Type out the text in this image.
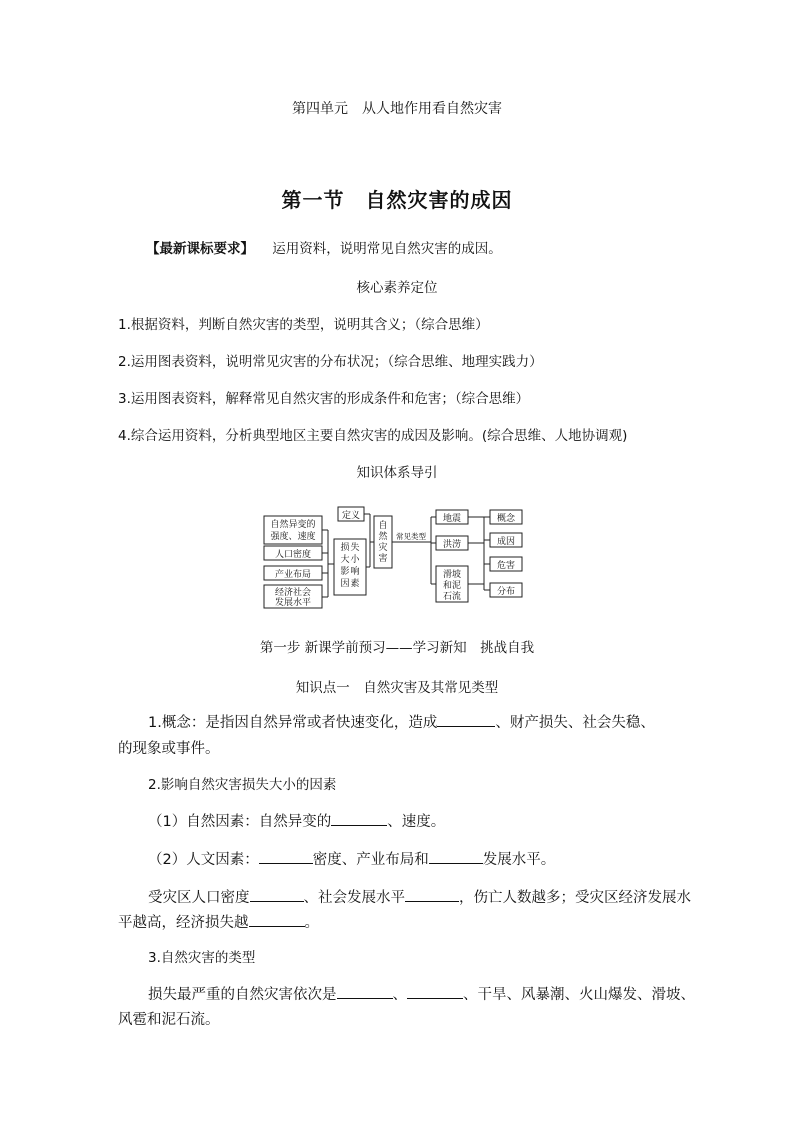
第四单元　从人地作用看自然灾害
第一节　自然灾害的成因
【最新课标要求】 运用资料，说明常见自然灾害的成因。
核心素养定位
1.根据资料，判断自然灾害的类型，说明其含义；（综合思维）
2.运用图表资料，说明常见灾害的分布状况；（综合思维、地理实践力）
3.运用图表资料，解释常见自然灾害的形成条件和危害；（综合思维）
4.综合运用资料，分析典型地区主要自然灾害的成因及影响。(综合思维、人地协调观)
知识体系导引
自然异变的
强度、速度
人口密度
产业布局
经济社会
发展水平
定义
损 失
大 小
影 响
因 素
自
然
灾
害
常见类型
地震
洪涝
滑坡
和泥
石流
概念
成因
危害
分布
第一步 新课学前预习——学习新知　挑战自我
知识点一　自然灾害及其常见类型
1.概念：是指因自然异常或者快速变化，造成	、财产损失、社会失稳、
的现象或事件。
2.影响自然灾害损失大小的因素
（1）自然因素：自然异变的	、速度。
（2）人文因素：	密度、产业布局和	发展水平。
受灾区人口密度	、社会发展水平	，伤亡人数越多；受灾区经济发展水
平越高，经济损失越	。
3.自然灾害的类型
损失最严重的自然灾害依次是	、	、干旱、风暴潮、火山爆发、滑坡、
风雹和泥石流。
